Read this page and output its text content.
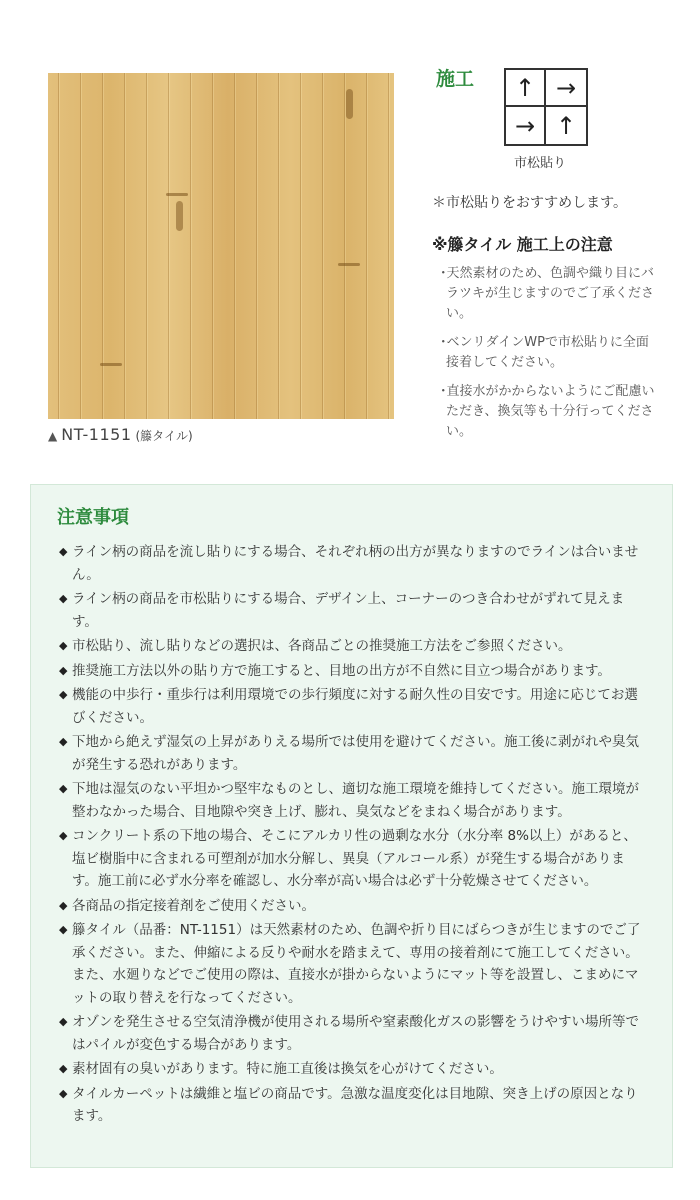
▲ NT-1151 (籐タイル)
施工	↑ →
→ ↑
市松貼り
＊市松貼りをおすすめします。
※籐タイル 施工上の注意
･天然素材のため、色調や織り目にバラツキが生じますのでご了承ください。
･ベンリダインWPで市松貼りに全面接着してください。
･直接水がかからないようにご配慮いただき、換気等も十分行ってください。
注意事項
◆ ライン柄の商品を流し貼りにする場合、それぞれ柄の出方が異なりますのでラインは合いません。
◆ ライン柄の商品を市松貼りにする場合、デザイン上、コーナーのつき合わせがずれて見えます。
◆ 市松貼り、流し貼りなどの選択は、各商品ごとの推奨施工方法をご参照ください。
◆ 推奨施工方法以外の貼り方で施工すると、目地の出方が不自然に目立つ場合があります。
◆ 機能の中歩行・重歩行は利用環境での歩行頻度に対する耐久性の目安です。用途に応じてお選びください。
◆ 下地から絶えず湿気の上昇がありえる場所では使用を避けてください。施工後に剥がれや臭気が発生する恐れがあります。
◆ 下地は湿気のない平坦かつ堅牢なものとし、適切な施工環境を維持してください。施工環境が整わなかった場合、目地隙や突き上げ、膨れ、臭気などをまねく場合があります。
◆ コンクリート系の下地の場合、そこにアルカリ性の過剰な水分（水分率 8%以上）があると、塩ビ樹脂中に含まれる可塑剤が加水分解し、異臭（アルコール系）が発生する場合があります。施工前に必ず水分率を確認し、水分率が高い場合は必ず十分乾燥させてください。
◆ 各商品の指定接着剤をご使用ください。
◆ 籐タイル（品番：NT-1151）は天然素材のため、色調や折り目にばらつきが生じますのでご了承ください。また、伸縮による反りや耐水を踏まえて、専用の接着剤にて施工してください。また、水廻りなどでご使用の際は、直接水が掛からないようにマット等を設置し、こまめにマットの取り替えを行なってください。
◆ オゾンを発生させる空気清浄機が使用される場所や窒素酸化ガスの影響をうけやすい場所等ではパイルが変色する場合があります。
◆ 素材固有の臭いがあります。特に施工直後は換気を心がけてください。
◆ タイルカーペットは繊維と塩ビの商品です。急激な温度変化は目地隙、突き上げの原因となります。
